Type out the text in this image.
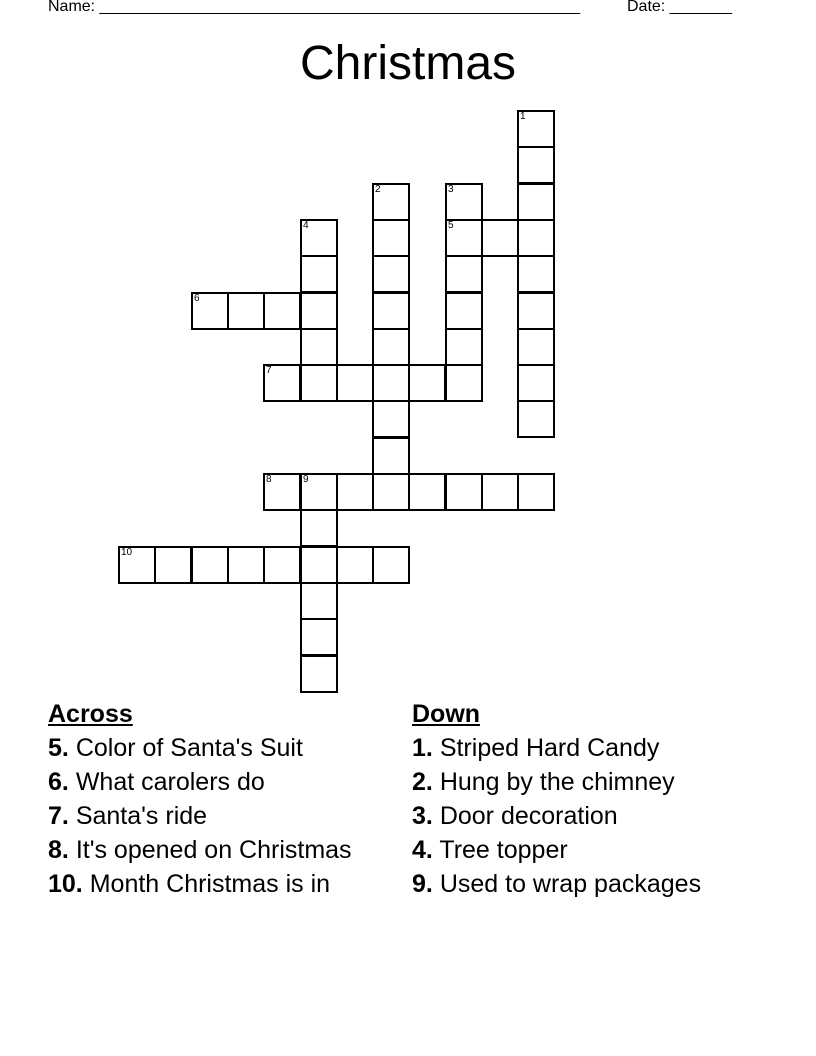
Name: ______________________________________________________	Date: _______
Christmas
1
2	3
5
4
6
7
8	9
10
Across
5. Color of Santa's Suit
6. What carolers do
7. Santa's ride
8. It's opened on Christmas
10. Month Christmas is in
Down
1. Striped Hard Candy
2. Hung by the chimney
3. Door decoration
4. Tree topper
9. Used to wrap packages
